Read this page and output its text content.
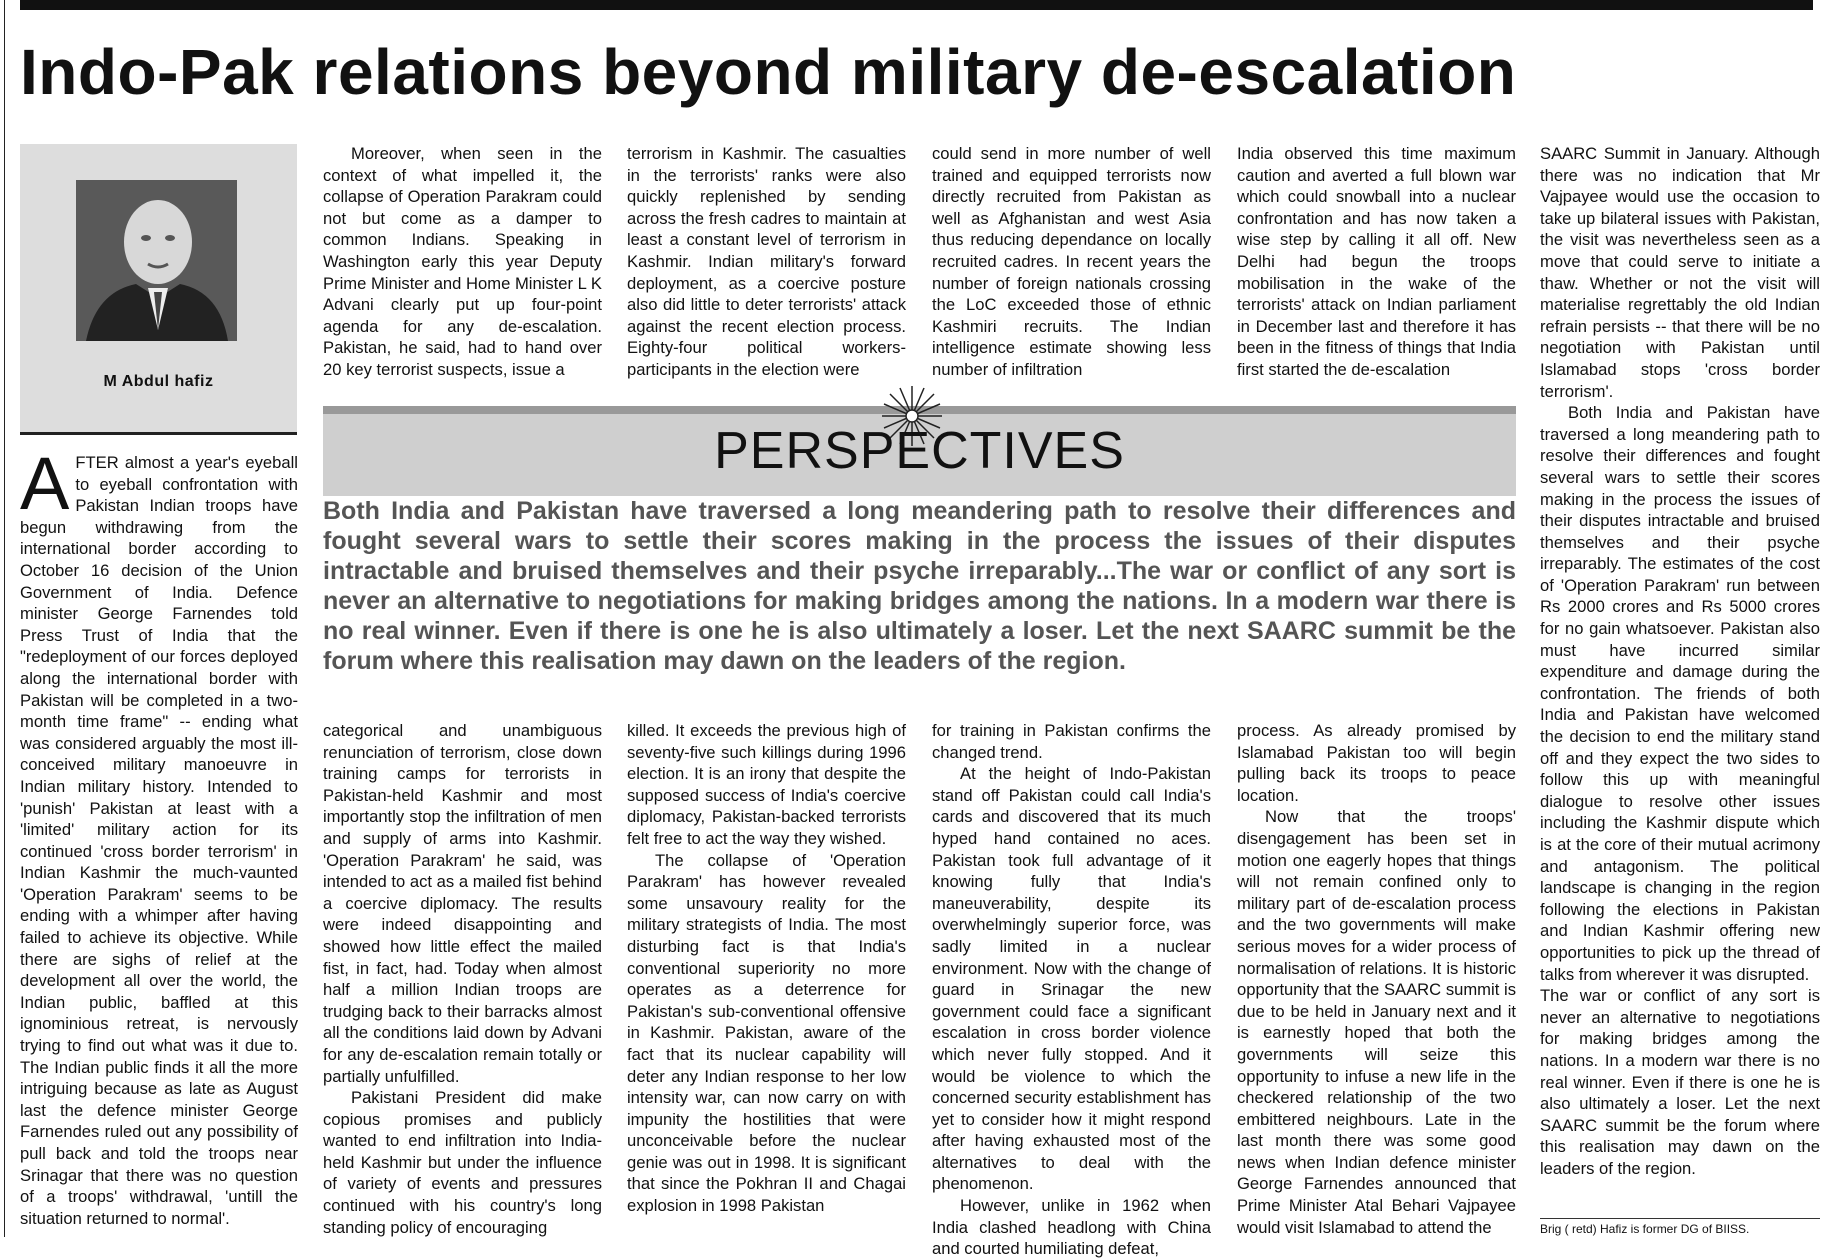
Indo-Pak relations beyond military de-escalation
M Abdul hafiz

AFTER almost a year's eyeball to eyeball confrontation with Pakistan Indian troops have begun withdrawing from the international border according to October 16 decision of the Union Government of India. Defence minister George Farnendes told Press Trust of India that the "redeployment of our forces deployed along the international border with Pakistan will be completed in a two-month time frame" -- ending what was considered arguably the most ill-conceived military manoeuvre in Indian military history. Intended to 'punish' Pakistan at least with a 'limited' military action for its continued 'cross border terrorism' in Indian Kashmir the much-vaunted 'Operation Parakram' seems to be ending with a whimper after having failed to achieve its objective. While there are sighs of relief at the development all over the world, the Indian public, baffled at this ignominious retreat, is nervously trying to find out what was it due to. The Indian public finds it all the more intriguing because as late as August last the defence minister George Farnendes ruled out any possibility of pull back and told the troops near Srinagar that there was no question of a troops' withdrawal, 'untill the situation returned to normal'.

Moreover, when seen in the context of what impelled it, the collapse of Operation Parakram could not but come as a damper to common Indians. Speaking in Washington early this year Deputy Prime Minister and Home Minister L K Advani clearly put up four-point agenda for any de-escalation. Pakistan, he said, had to hand over 20 key terrorist suspects, issue a

terrorism in Kashmir. The casualties in the terrorists' ranks were also quickly replenished by sending across the fresh cadres to maintain at least a constant level of terrorism in Kashmir. Indian military's forward deployment, as a coercive posture also did little to deter terrorists' attack against the recent election process. Eighty-four political workers-participants in the election were

could send in more number of well trained and equipped terrorists now directly recruited from Pakistan as well as Afghanistan and west Asia thus reducing dependance on locally recruited cadres. In recent years the number of foreign nationals crossing the LoC exceeded those of ethnic Kashmiri recruits. The Indian intelligence estimate showing less number of infiltration

India observed this time maximum caution and averted a full blown war which could snowball into a nuclear confrontation and has now taken a wise step by calling it all off. New Delhi had begun the troops mobilisation in the wake of the terrorists' attack on Indian parliament in December last and therefore it has been in the fitness of things that India first started the de-escalation

PERSPECTIVES
Both India and Pakistan have traversed a long meandering path to resolve their differences and fought several wars to settle their scores making in the process the issues of their disputes intractable and bruised themselves and their psyche irreparably...The war or conflict of any sort is never an alternative to negotiations for making bridges among the nations. In a modern war there is no real winner. Even if there is one he is also ultimately a loser. Let the next SAARC summit be the forum where this realisation may dawn on the leaders of the region.

categorical and unambiguous renunciation of terrorism, close down training camps for terrorists in Pakistan-held Kashmir and most importantly stop the infiltration of men and supply of arms into Kashmir. 'Operation Parakram' he said, was intended to act as a mailed fist behind a coercive diplomacy. The results were indeed disappointing and showed how little effect the mailed fist, in fact, had. Today when almost half a million Indian troops are trudging back to their barracks almost all the conditions laid down by Advani for any de-escalation remain totally or partially unfulfilled.

Pakistani President did make copious promises and publicly wanted to end infiltration into India-held Kashmir but under the influence of variety of events and pressures continued with his country's long standing policy of encouraging

killed. It exceeds the previous high of seventy-five such killings during 1996 election. It is an irony that despite the supposed success of India's coercive diplomacy, Pakistan-backed terrorists felt free to act the way they wished.

The collapse of 'Operation Parakram' has however revealed some unsavoury reality for the military strategists of India. The most disturbing fact is that India's conventional superiority no more operates as a deterrence for Pakistan's sub-conventional offensive in Kashmir. Pakistan, aware of the fact that its nuclear capability will deter any Indian response to her low intensity war, can now carry on with impunity the hostilities that were unconceivable before the nuclear genie was out in 1998. It is significant that since the Pokhran II and Chagai explosion in 1998 Pakistan

for training in Pakistan confirms the changed trend.

At the height of Indo-Pakistan stand off Pakistan could call India's cards and discovered that its much hyped hand contained no aces. Pakistan took full advantage of it knowing fully that India's maneuverability, despite its overwhelmingly superior force, was sadly limited in a nuclear environment. Now with the change of guard in Srinagar the new government could face a significant escalation in cross border violence which never fully stopped. And it would be violence to which the concerned security establishment has yet to consider how it might respond after having exhausted most of the alternatives to deal with the phenomenon.

However, unlike in 1962 when India clashed headlong with China and courted humiliating defeat,

process. As already promised by Islamabad Pakistan too will begin pulling back its troops to peace location.

Now that the troops' disengagement has been set in motion one eagerly hopes that things will not remain confined only to military part of de-escalation process and the two governments will make serious moves for a wider process of normalisation of relations. It is historic opportunity that the SAARC summit is due to be held in January next and it is earnestly hoped that both the governments will seize this opportunity to infuse a new life in the checkered relationship of the two embittered neighbours. Late in the last month there was some good news when Indian defence minister George Farnendes announced that Prime Minister Atal Behari Vajpayee would visit Islamabad to attend the

SAARC Summit in January. Although there was no indication that Mr Vajpayee would use the occasion to take up bilateral issues with Pakistan, the visit was nevertheless seen as a move that could serve to initiate a thaw. Whether or not the visit will materialise regrettably the old Indian refrain persists -- that there will be no negotiation with Pakistan until Islamabad stops 'cross border terrorism'.

Both India and Pakistan have traversed a long meandering path to resolve their differences and fought several wars to settle their scores making in the process the issues of their disputes intractable and bruised themselves and their psyche irreparably. The estimates of the cost of 'Operation Parakram' run between Rs 2000 crores and Rs 5000 crores for no gain whatsoever. Pakistan also must have incurred similar expenditure and damage during the confrontation. The friends of both India and Pakistan have welcomed the decision to end the military stand off and they expect the two sides to follow this up with meaningful dialogue to resolve other issues including the Kashmir dispute which is at the core of their mutual acrimony and antagonism. The political landscape is changing in the region following the elections in Pakistan and Indian Kashmir offering new opportunities to pick up the thread of talks from wherever it was disrupted.

The war or conflict of any sort is never an alternative to negotiations for making bridges among the nations. In a modern war there is no real winner. Even if there is one he is also ultimately a loser. Let the next SAARC summit be the forum where this realisation may dawn on the leaders of the region.

Brig ( retd) Hafiz is former DG of BIISS.
